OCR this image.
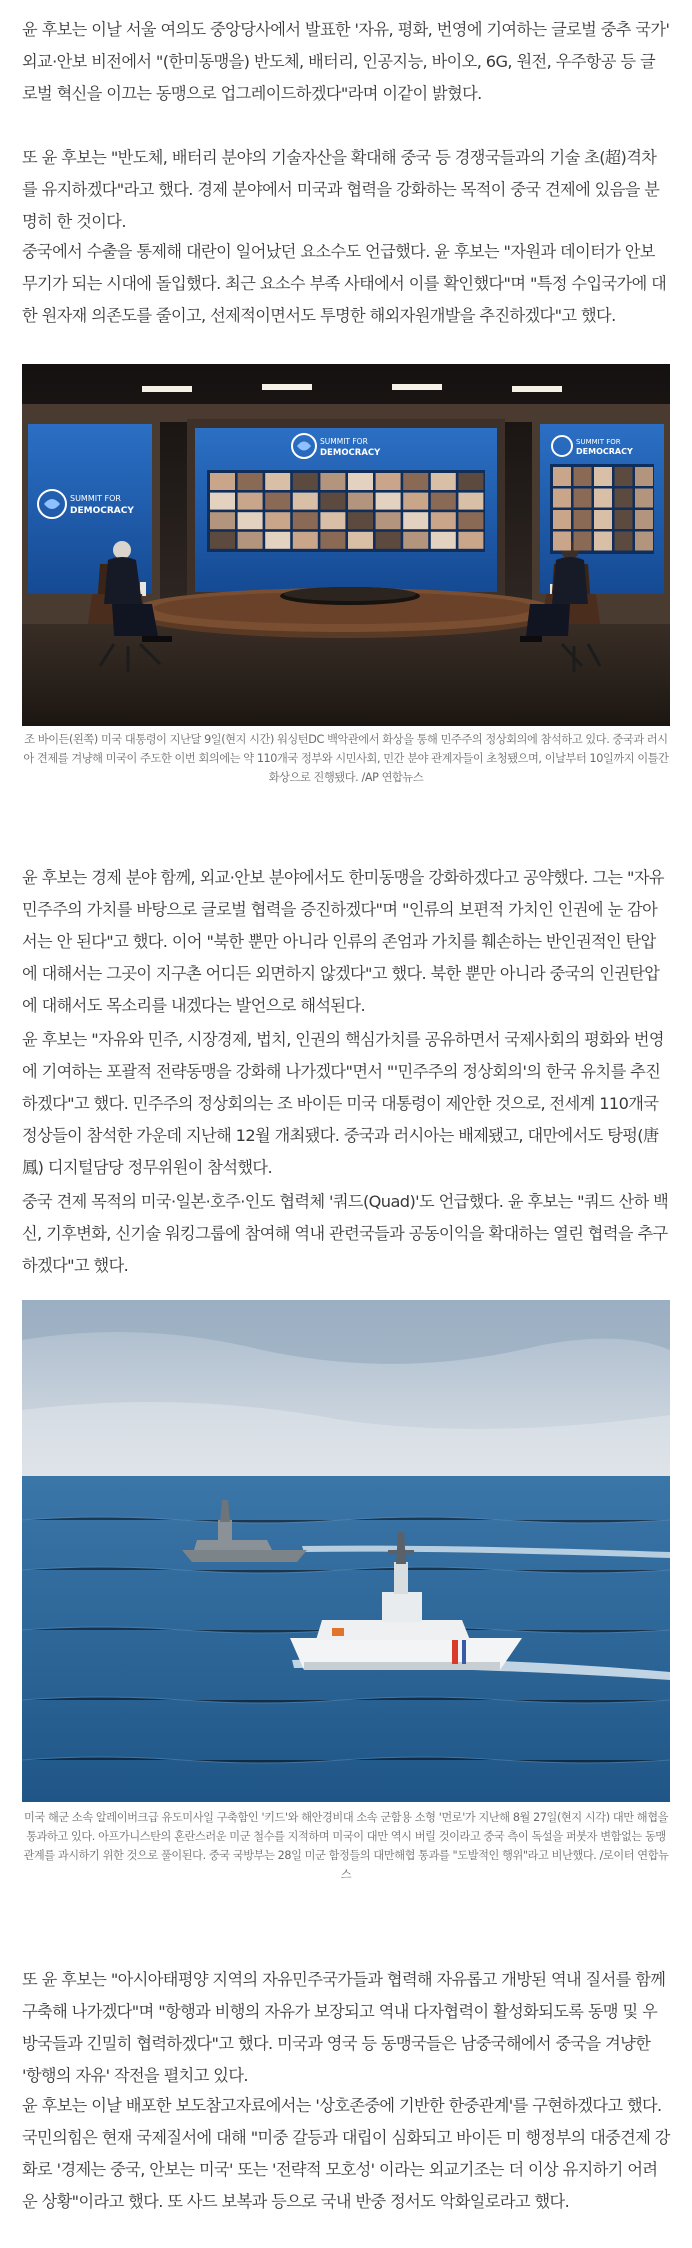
윤 후보는 이날 서울 여의도 중앙당사에서 발표한 '자유, 평화, 번영에 기여하는 글로벌 중추 국가' 외교·안보 비전에서 "(한미동맹을) 반도체, 배터리, 인공지능, 바이오, 6G, 원전, 우주항공 등 글로벌 혁신을 이끄는 동맹으로 업그레이드하겠다"라며 이같이 밝혔다.

또 윤 후보는 "반도체, 배터리 분야의 기술자산을 확대해 중국 등 경쟁국들과의 기술 초(超)격차를 유지하겠다"라고 했다. 경제 분야에서 미국과 협력을 강화하는 목적이 중국 견제에 있음을 분명히 한 것이다.

중국에서 수출을 통제해 대란이 일어났던 요소수도 언급했다. 윤 후보는 "자원과 데이터가 안보 무기가 되는 시대에 돌입했다. 최근 요소수 부족 사태에서 이를 확인했다"며 "특정 수입국가에 대한 원자재 의존도를 줄이고, 선제적이면서도 투명한 해외자원개발을 추진하겠다"고 했다.

SUMMIT FOR
DEMOCRACY
SUMMIT FOR
DEMOCRACY
SUMMIT FOR
DEMOCRACY

조 바이든(왼쪽) 미국 대통령이 지난달 9일(현지 시간) 워싱턴DC 백악관에서 화상을 통해 민주주의 정상회의에 참석하고 있다. 중국과 러시아 견제를 겨냥해 미국이 주도한 이번 회의에는 약 110개국 정부와 시민사회, 민간 분야 관계자들이 초청됐으며, 이날부터 10일까지 이틀간 화상으로 진행됐다. /AP 연합뉴스

윤 후보는 경제 분야 함께, 외교·안보 분야에서도 한미동맹을 강화하겠다고 공약했다. 그는 "자유민주주의 가치를 바탕으로 글로벌 협력을 증진하겠다"며 "인류의 보편적 가치인 인권에 눈 감아서는 안 된다"고 했다. 이어 "북한 뿐만 아니라 인류의 존엄과 가치를 훼손하는 반인권적인 탄압에 대해서는 그곳이 지구촌 어디든 외면하지 않겠다"고 했다. 북한 뿐만 아니라 중국의 인권탄압에 대해서도 목소리를 내겠다는 발언으로 해석된다.

윤 후보는 "자유와 민주, 시장경제, 법치, 인권의 핵심가치를 공유하면서 국제사회의 평화와 번영에 기여하는 포괄적 전략동맹을 강화해 나가겠다"면서 "'민주주의 정상회의'의 한국 유치를 추진하겠다"고 했다. 민주주의 정상회의는 조 바이든 미국 대통령이 제안한 것으로, 전세계 110개국 정상들이 참석한 가운데 지난해 12월 개최됐다. 중국과 러시아는 배제됐고, 대만에서도 탕펑(唐鳳) 디지털담당 정무위원이 참석했다.

중국 견제 목적의 미국·일본·호주·인도 협력체 '쿼드(Quad)'도 언급했다. 윤 후보는 "쿼드 산하 백신, 기후변화, 신기술 워킹그룹에 참여해 역내 관련국들과 공동이익을 확대하는 열린 협력을 추구하겠다"고 했다.

미국 해군 소속 알레이버크급 유도미사일 구축함인 '키드'와 해안경비대 소속 군함용 소형 '먼로'가 지난해 8월 27일(현지 시각) 대만 해협을 통과하고 있다. 아프가니스탄의 혼란스러운 미군 철수를 지적하며 미국이 대만 역시 버릴 것이라고 중국 측이 독설을 퍼붓자 변함없는 동맹 관계를 과시하기 위한 것으로 풀이된다. 중국 국방부는 28일 미군 함정들의 대만해협 통과를 "도발적인 행위"라고 비난했다. /로이터 연합뉴스

또 윤 후보는 "아시아태평양 지역의 자유민주국가들과 협력해 자유롭고 개방된 역내 질서를 함께 구축해 나가겠다"며 "항행과 비행의 자유가 보장되고 역내 다자협력이 활성화되도록 동맹 및 우방국들과 긴밀히 협력하겠다"고 했다. 미국과 영국 등 동맹국들은 남중국해에서 중국을 겨냥한 '항행의 자유' 작전을 펼치고 있다.

윤 후보는 이날 배포한 보도참고자료에서는 '상호존중에 기반한 한중관계'를 구현하겠다고 했다. 국민의힘은 현재 국제질서에 대해 "미중 갈등과 대립이 심화되고 바이든 미 행정부의 대중견제 강화로 '경제는 중국, 안보는 미국' 또는 '전략적 모호성' 이라는 외교기조는 더 이상 유지하기 어려운 상황"이라고 했다. 또 사드 보복과 등으로 국내 반중 정서도 악화일로라고 했다.
